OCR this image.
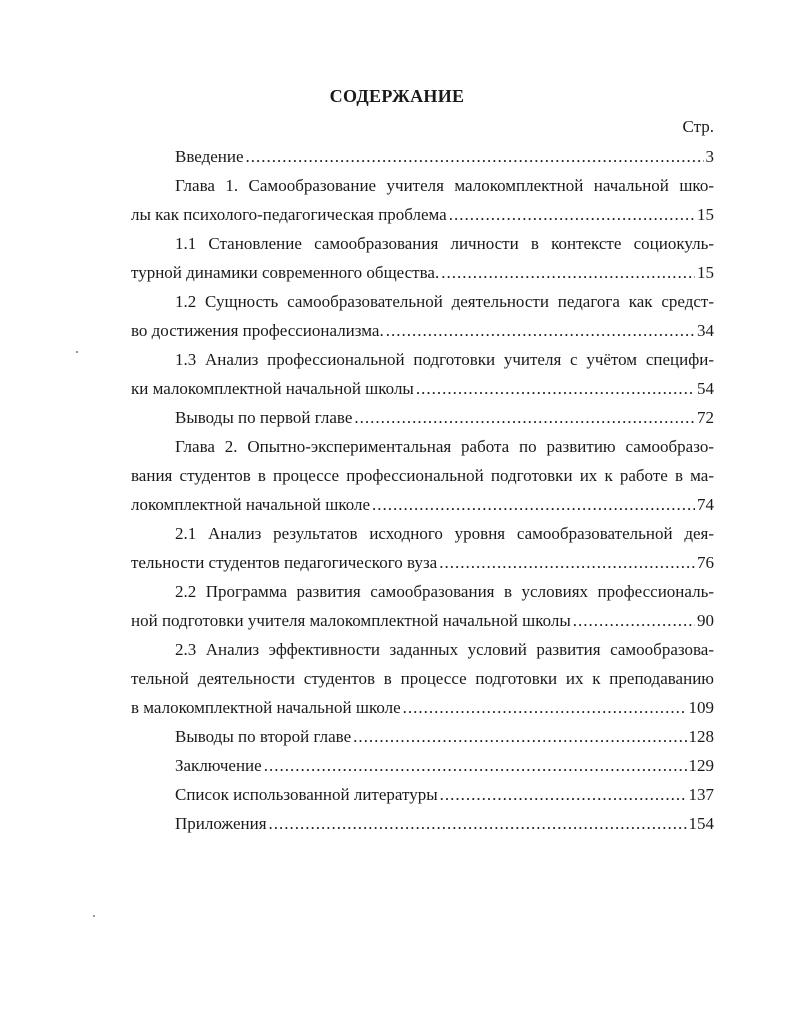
СОДЕРЖАНИЕ
Стр.
Введение .....	3
Глава 1. Самообразование учителя малокомплектной начальной шко-
лы как психолого-педагогическая проблема .....	15
1.1 Становление самообразования личности в контексте социокуль-
турной динамики современного общества. .....	15
1.2 Сущность самообразовательной деятельности педагога как средст-
во достижения профессионализма. .....	34
1.3 Анализ профессиональной подготовки учителя с учётом специфи-
ки малокомплектной начальной школы .....	54
Выводы по первой главе .....	72
Глава 2. Опытно-экспериментальная работа по развитию самообразо-
вания студентов в процессе профессиональной подготовки их к работе в ма-
локомплектной начальной школе .....	74
2.1 Анализ результатов исходного уровня самообразовательной дея-
тельности студентов педагогического вуза .....	76
2.2 Программа развития самообразования в условиях профессиональ-
ной подготовки учителя малокомплектной начальной школы .....	90
2.3 Анализ эффективности заданных условий развития самообразова-
тельной деятельности студентов в процессе подготовки их к преподаванию
в малокомплектной начальной школе .....	109
Выводы по второй главе .....	128
Заключение .....	129
Список использованной литературы .....	137
Приложения .....	154
